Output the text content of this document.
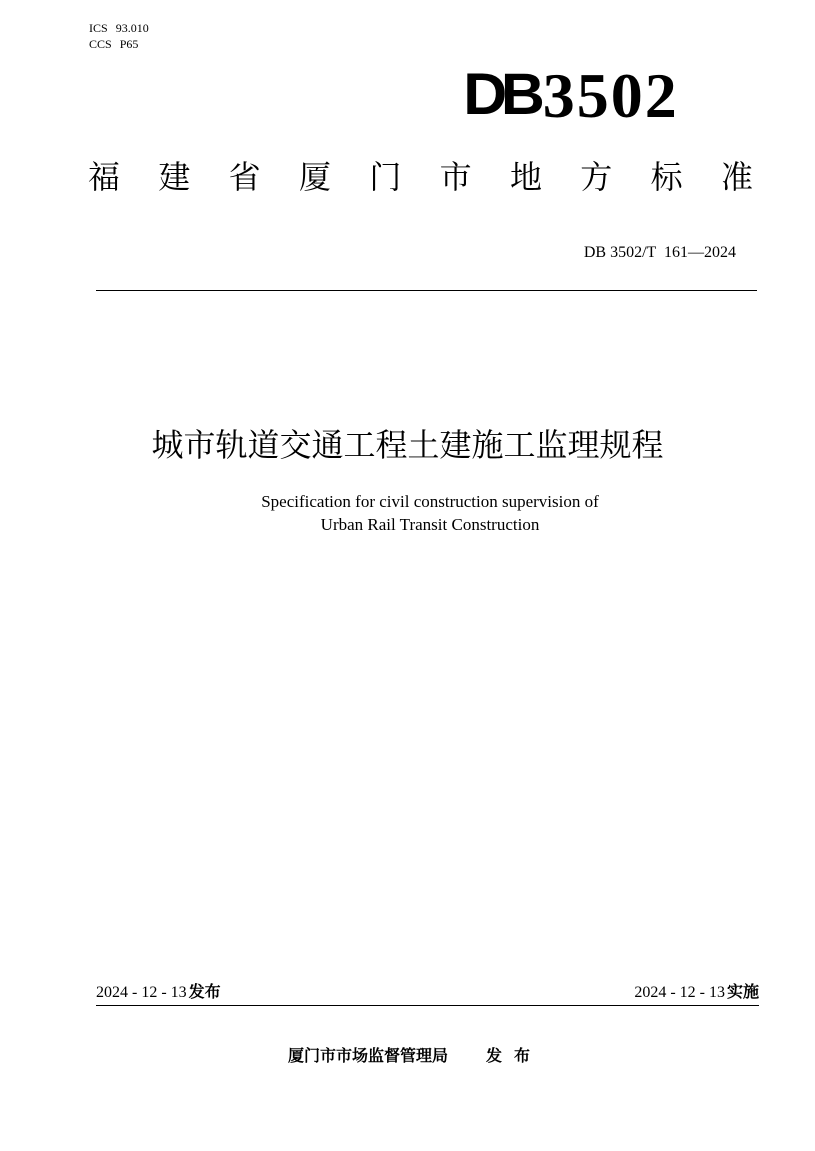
ICS 93.010
CCS P65
DB 3502
福 建 省 厦 门 市 地 方 标 准
DB 3502/T  161—2024
城市轨道交通工程土建施工监理规程
Specification for civil construction supervision of
Urban Rail Transit Construction
2024 - 12 - 13 发布	2024 - 12 - 13 实施
厦门市市场监督管理局 发布
